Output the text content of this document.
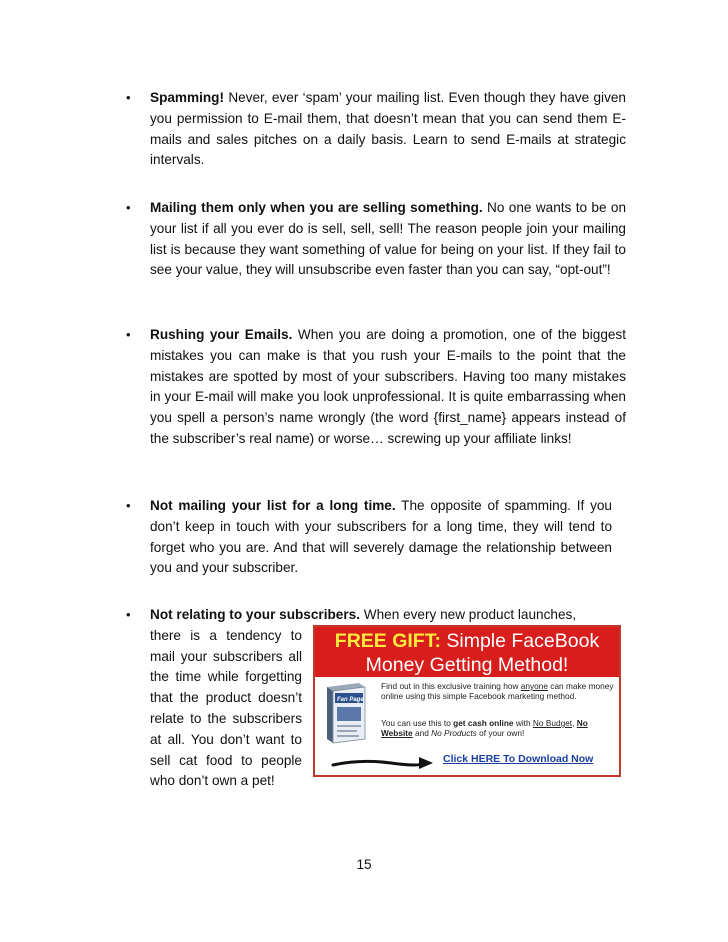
• Spamming! Never, ever ‘spam’ your mailing list. Even though they have given you permission to E-mail them, that doesn’t mean that you can send them E-mails and sales pitches on a daily basis. Learn to send E-mails at strategic intervals.

• Mailing them only when you are selling something. No one wants to be on your list if all you ever do is sell, sell, sell! The reason people join your mailing list is because they want something of value for being on your list. If they fail to see your value, they will unsubscribe even faster than you can say, “opt-out”!

• Rushing your Emails. When you are doing a promotion, one of the biggest mistakes you can make is that you rush your E-mails to the point that the mistakes are spotted by most of your subscribers. Having too many mistakes in your E-mail will make you look unprofessional. It is quite embarrassing when you spell a person’s name wrongly (the word {first_name} appears instead of the subscriber’s real name) or worse… screwing up your affiliate links!

• Not mailing your list for a long time. The opposite of spamming. If you don’t keep in touch with your subscribers for a long time, they will tend to forget who you are. And that will severely damage the relationship between you and your subscriber.

• Not relating to your subscribers. When every new product launches,
there is a tendency to mail your subscribers all the time while forgetting that the product doesn’t relate to the subscribers at all. You don’t want to sell cat food to people who don’t own a pet!
FREE GIFT: Simple FaceBook
Money Getting Method!
Fan Page
Find out in this exclusive training how anyone can make money online using this simple Facebook marketing method.
You can use this to get cash online with No Budget, No Website and No Products of your own!
Click HERE To Download Now
15
